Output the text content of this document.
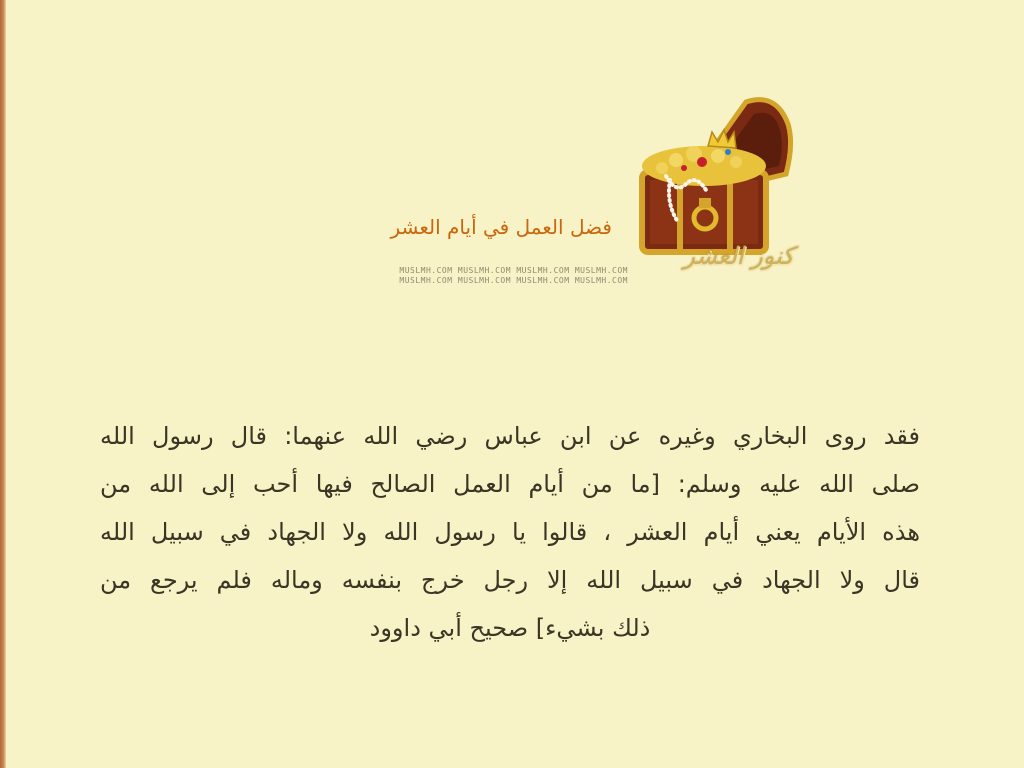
فضل العمل في أيام العشر
كنوز العشر
MUSLMH.COM MUSLMH.COM MUSLMH.COM MUSLMH.COM
MUSLMH.COM MUSLMH.COM MUSLMH.COM MUSLMH.COM
فقد روى البخاري وغيره عن ابن عباس رضي الله عنهما: قال رسول الله
صلى الله عليه وسلم: [ما من أيام العمل الصالح فيها أحب إلى الله من
هذه الأيام يعني أيام العشر ، قالوا يا رسول الله ولا الجهاد في سبيل الله
قال ولا الجهاد في سبيل الله إلا رجل خرج بنفسه وماله فلم يرجع من
ذلك بشيء] صحيح أبي داوود
